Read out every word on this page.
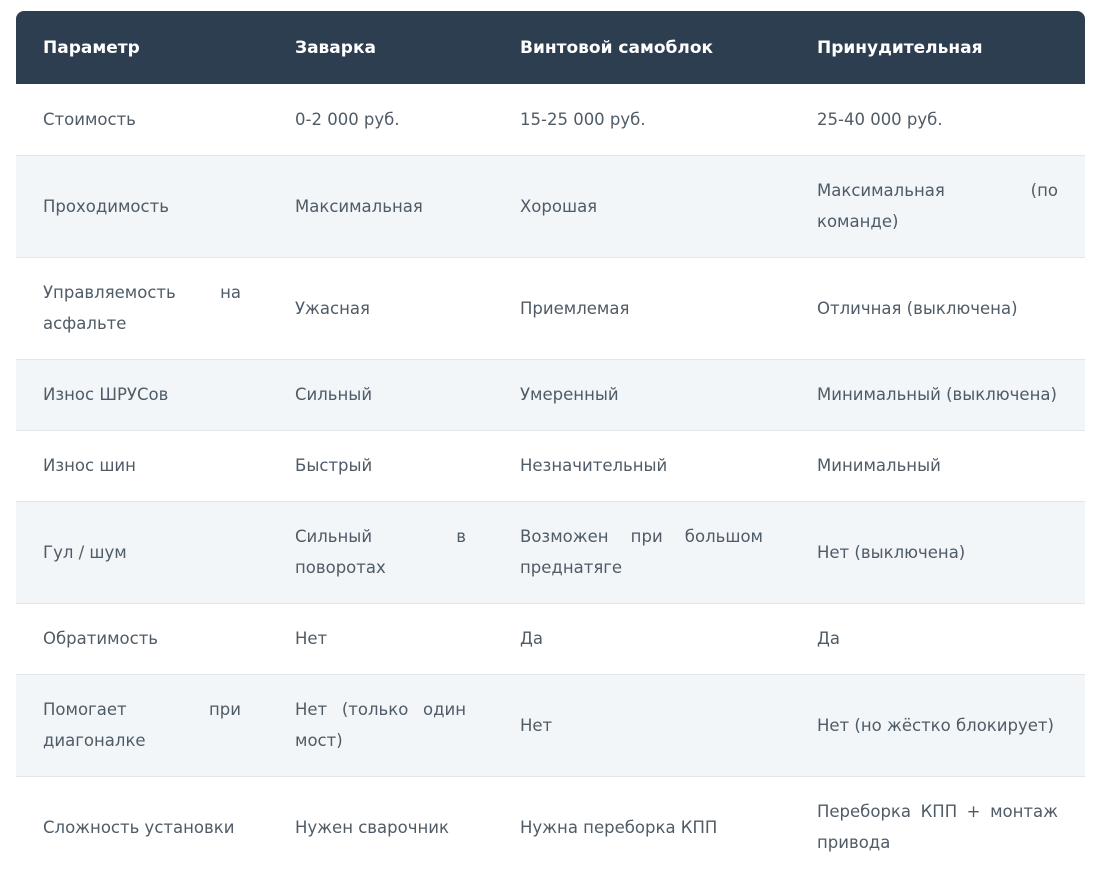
Параметр	Заварка	Винтовой самоблок	Принудительная
Стоимость	0-2 000 руб.	15-25 000 руб.	25-40 000 руб.
Проходимость	Максимальная	Хорошая	Максимальная (по команде)
Управляемость на асфальте	Ужасная	Приемлемая	Отличная (выключена)
Износ ШРУСов	Сильный	Умеренный	Минимальный (выключена)
Износ шин	Быстрый	Незначительный	Минимальный
Гул / шум	Сильный в поворотах	Возможен при большом преднатяге	Нет (выключена)
Обратимость	Нет	Да	Да
Помогает при диагоналке	Нет (только один мост)	Нет	Нет (но жёстко блокирует)
Сложность установки	Нужен сварочник	Нужна переборка КПП	Переборка КПП + монтаж привода
